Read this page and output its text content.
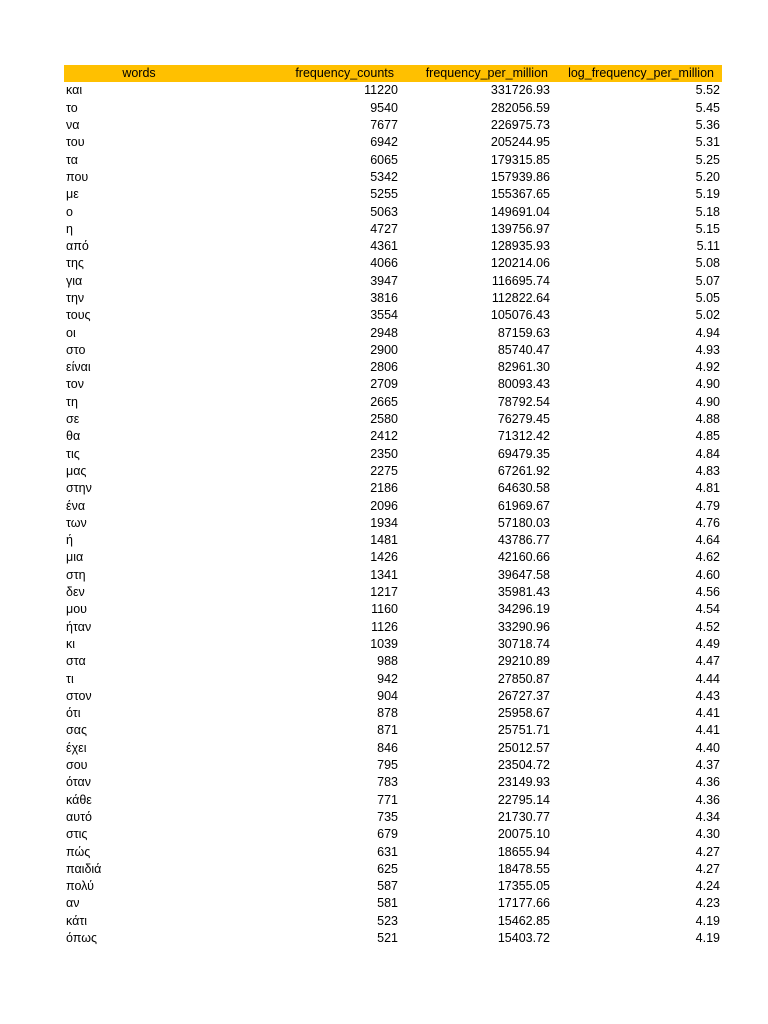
words	frequency_counts	frequency_per_million	log_frequency_per_million
και	11220	331726.93	5.52
το	9540	282056.59	5.45
να	7677	226975.73	5.36
του	6942	205244.95	5.31
τα	6065	179315.85	5.25
που	5342	157939.86	5.20
με	5255	155367.65	5.19
ο	5063	149691.04	5.18
η	4727	139756.97	5.15
από	4361	128935.93	5.11
της	4066	120214.06	5.08
για	3947	116695.74	5.07
την	3816	112822.64	5.05
τους	3554	105076.43	5.02
οι	2948	87159.63	4.94
στο	2900	85740.47	4.93
είναι	2806	82961.30	4.92
τον	2709	80093.43	4.90
τη	2665	78792.54	4.90
σε	2580	76279.45	4.88
θα	2412	71312.42	4.85
τις	2350	69479.35	4.84
μας	2275	67261.92	4.83
στην	2186	64630.58	4.81
ένα	2096	61969.67	4.79
των	1934	57180.03	4.76
ή	1481	43786.77	4.64
μια	1426	42160.66	4.62
στη	1341	39647.58	4.60
δεν	1217	35981.43	4.56
μου	1160	34296.19	4.54
ήταν	1126	33290.96	4.52
κι	1039	30718.74	4.49
στα	988	29210.89	4.47
τι	942	27850.87	4.44
στον	904	26727.37	4.43
ότι	878	25958.67	4.41
σας	871	25751.71	4.41
έχει	846	25012.57	4.40
σου	795	23504.72	4.37
όταν	783	23149.93	4.36
κάθε	771	22795.14	4.36
αυτό	735	21730.77	4.34
στις	679	20075.10	4.30
πώς	631	18655.94	4.27
παιδιά	625	18478.55	4.27
πολύ	587	17355.05	4.24
αν	581	17177.66	4.23
κάτι	523	15462.85	4.19
όπως	521	15403.72	4.19
